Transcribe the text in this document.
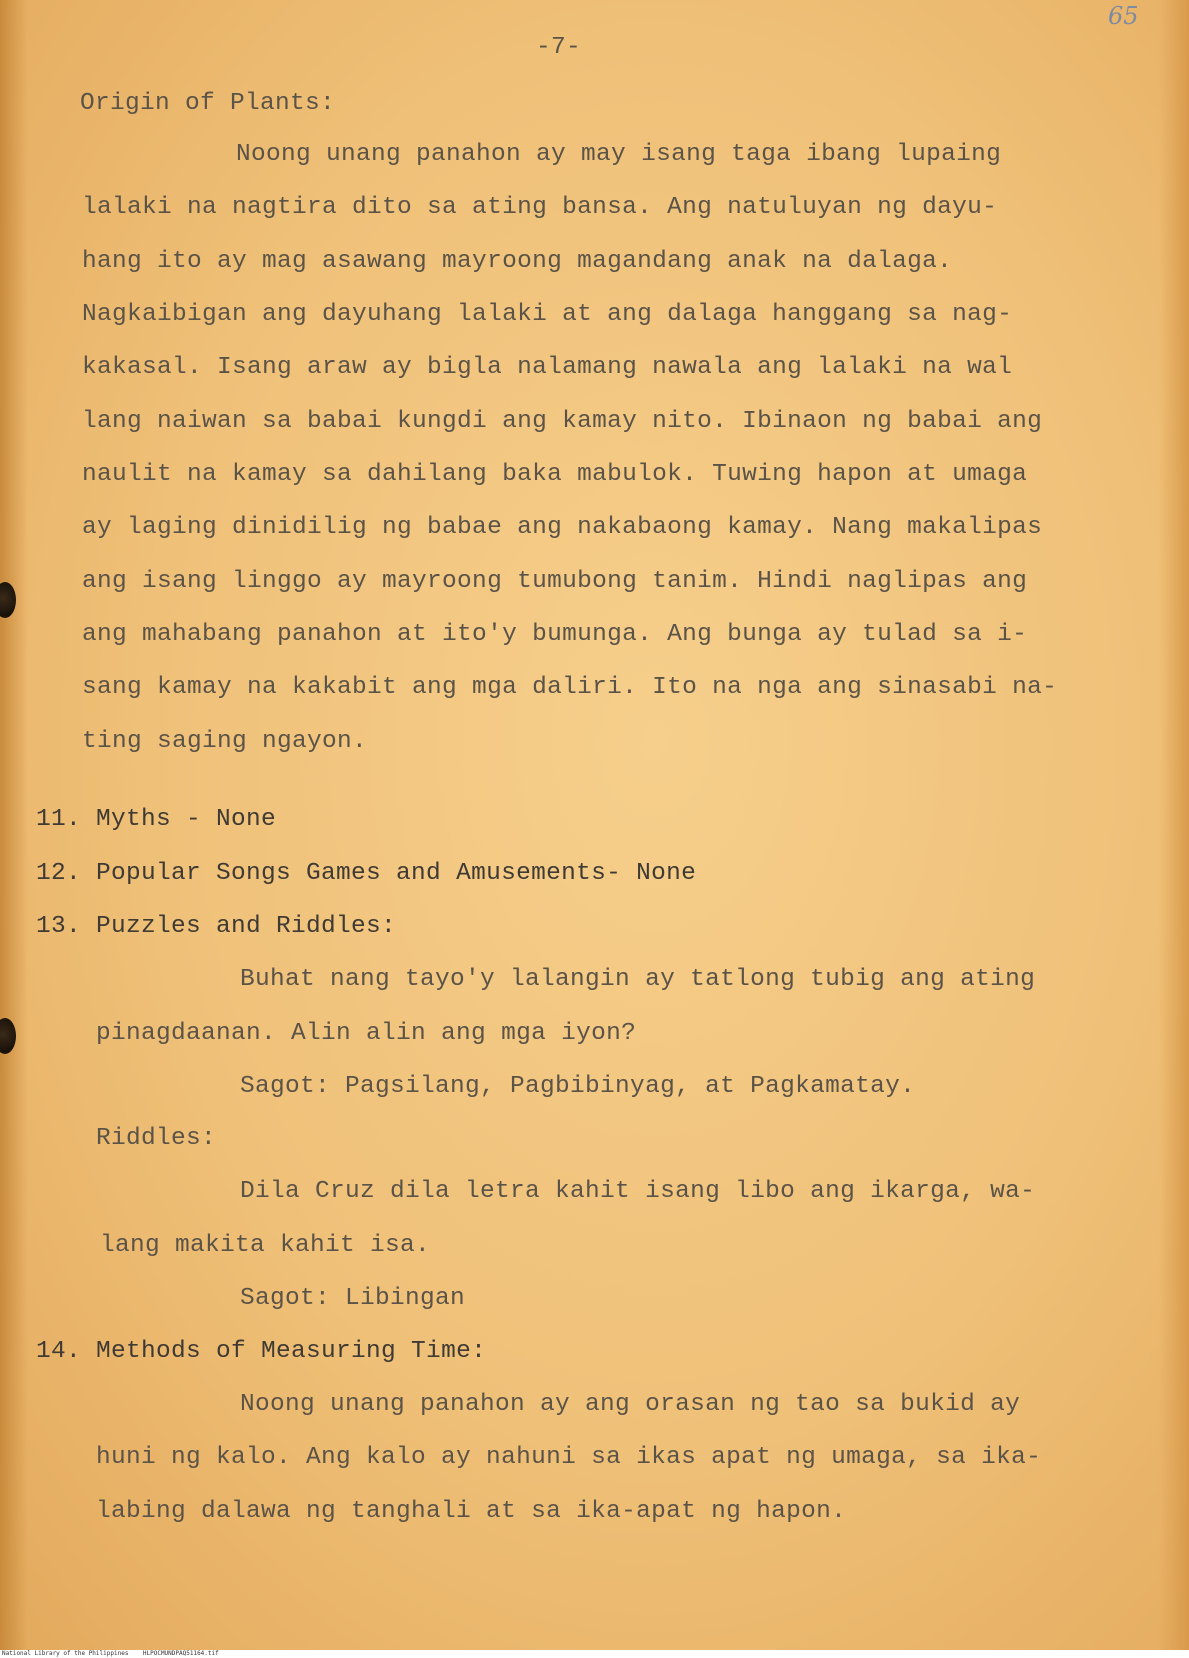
65
-7-
Origin of Plants:
Noong unang panahon ay may isang taga ibang lupaing
lalaki na nagtira dito sa ating bansa. Ang natuluyan ng dayu-
hang ito ay mag asawang mayroong magandang anak na dalaga.
Nagkaibigan ang dayuhang lalaki at ang dalaga hanggang sa nag-
kakasal. Isang araw ay bigla nalamang nawala ang lalaki na wal
lang naiwan sa babai kungdi ang kamay nito. Ibinaon ng babai ang
naulit na kamay sa dahilang baka mabulok. Tuwing hapon at umaga
ay laging dinidilig ng babae ang nakabaong kamay. Nang makalipas
ang isang linggo ay mayroong tumubong tanim. Hindi naglipas ang
ang mahabang panahon at ito'y bumunga. Ang bunga ay tulad sa i-
sang kamay na kakabit ang mga daliri. Ito na nga ang sinasabi na-
ting saging ngayon.
11. Myths - None
12. Popular Songs Games and Amusements- None
13. Puzzles and Riddles:
Buhat nang tayo'y lalangin ay tatlong tubig ang ating
pinagdaanan. Alin alin ang mga iyon?
Sagot: Pagsilang, Pagbibinyag, at Pagkamatay.
Riddles:
Dila Cruz dila letra kahit isang libo ang ikarga, wa-
lang makita kahit isa.
Sagot: Libingan
14. Methods of Measuring Time:
Noong unang panahon ay ang orasan ng tao sa bukid ay
huni ng kalo. Ang kalo ay nahuni sa ikas apat ng umaga, sa ika-
labing dalawa ng tanghali at sa ika-apat ng hapon.
National Library of the Philippines    HLPOCMUNDPAQ51164.tif
